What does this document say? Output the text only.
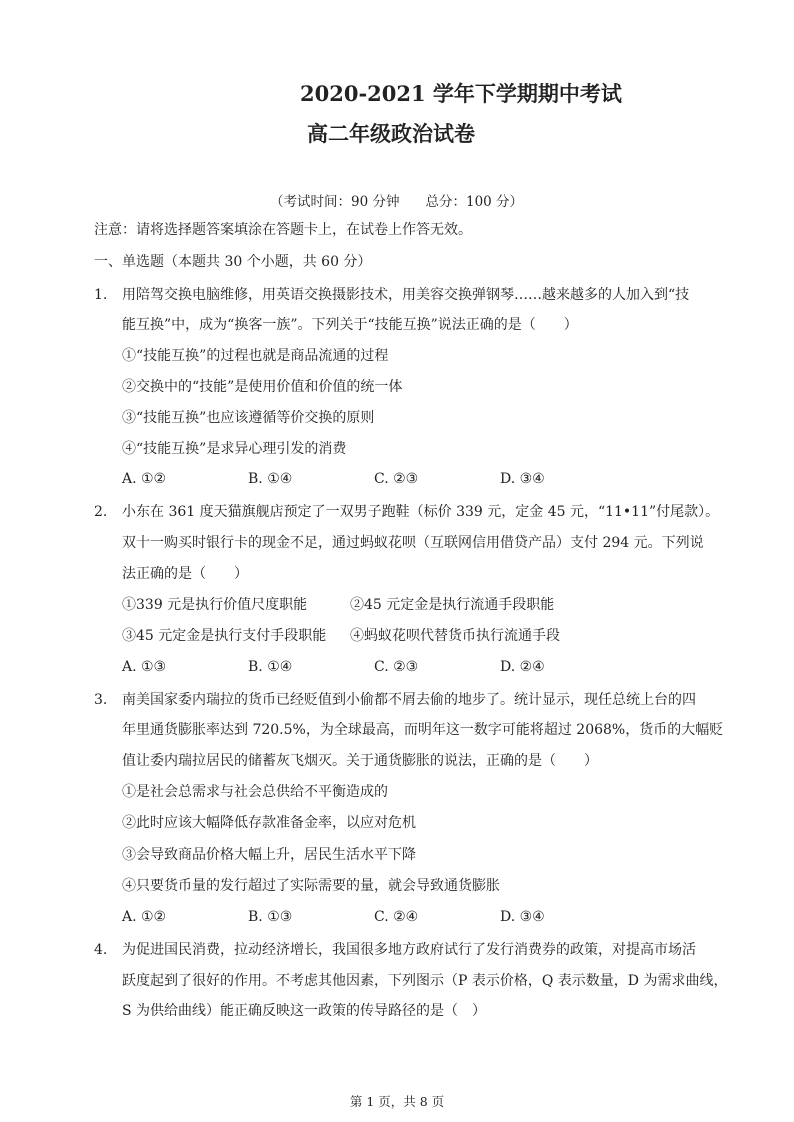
2020-2021 学年下学期期中考试
高二年级政治试卷
（考试时间：90 分钟 总分：100 分）
注意：请将选择题答案填涂在答题卡上，在试卷上作答无效。
一、单选题（本题共 30 个小题，共 60 分）
1. 用陪驾交换电脑维修，用英语交换摄影技术，用美容交换弹钢琴……越来越多的人加入到“技
能互换”中，成为“换客一族”。下列关于“技能互换”说法正确的是（　　）
①“技能互换”的过程也就是商品流通的过程
②交换中的“技能”是使用价值和价值的统一体
③“技能互换”也应该遵循等价交换的原则
④“技能互换”是求异心理引发的消费
A. ①②	B. ①④	C. ②③	D. ③④
2. 小东在 361 度天猫旗舰店预定了一双男子跑鞋（标价 339 元，定金 45 元，“11•11”付尾款）。
双十一购买时银行卡的现金不足，通过蚂蚁花呗（互联网信用借贷产品）支付 294 元。下列说
法正确的是（　　）
①339 元是执行价值尺度职能	②45 元定金是执行流通手段职能
③45 元定金是执行支付手段职能 ④蚂蚁花呗代替货币执行流通手段
A. ①③	B. ①④	C. ②③	D. ②④
3. 南美国家委内瑞拉的货币已经贬值到小偷都不屑去偷的地步了。统计显示，现任总统上台的四
年里通货膨胀率达到 720.5%，为全球最高，而明年这一数字可能将超过 2068%，货币的大幅贬
值让委内瑞拉居民的储蓄灰飞烟灭。关于通货膨胀的说法，正确的是（　　）
①是社会总需求与社会总供给不平衡造成的
②此时应该大幅降低存款准备金率，以应对危机
③会导致商品价格大幅上升，居民生活水平下降
④只要货币量的发行超过了实际需要的量，就会导致通货膨胀
A. ①②	B. ①③	C. ②④	D. ③④
4. 为促进国民消费，拉动经济增长，我国很多地方政府试行了发行消费券的政策，对提高市场活
跃度起到了很好的作用。不考虑其他因素，下列图示（P 表示价格，Q 表示数量，D 为需求曲线，
S 为供给曲线）能正确反映这一政策的传导路径的是（　）
第 1 页，共 8 页
